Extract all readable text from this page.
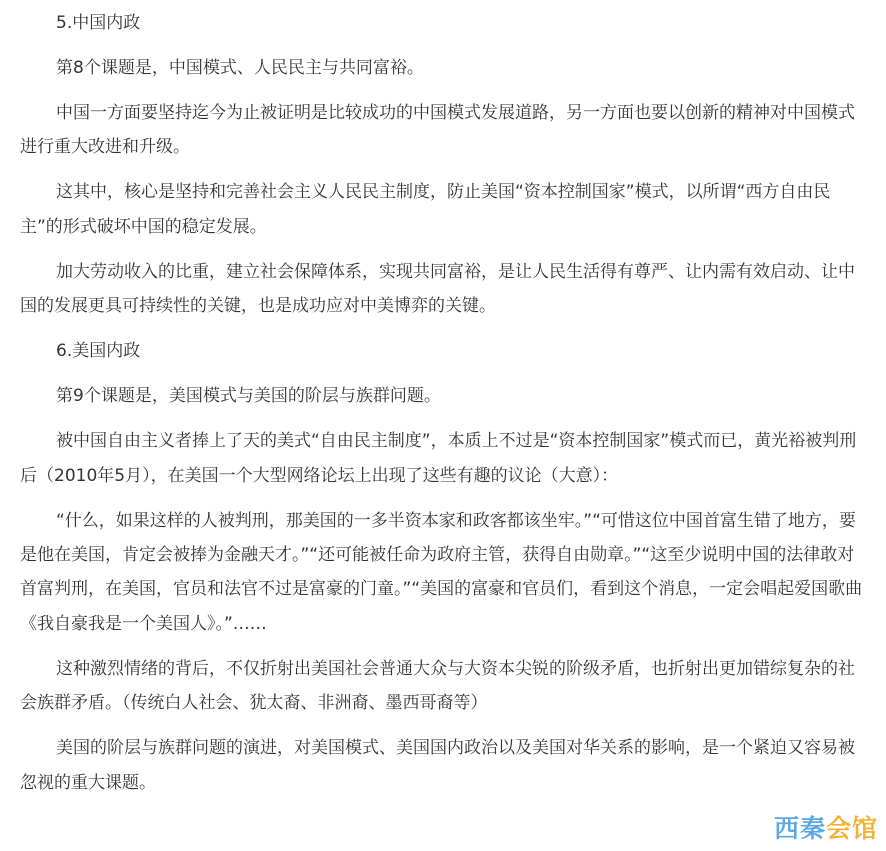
5.中国内政

第8个课题是，中国模式、人民民主与共同富裕。

中国一方面要坚持迄今为止被证明是比较成功的中国模式发展道路，另一方面也要以创新的精神对中国模式进行重大改进和升级。

这其中，核心是坚持和完善社会主义人民民主制度，防止美国“资本控制国家”模式，以所谓“西方自由民主”的形式破坏中国的稳定发展。

加大劳动收入的比重，建立社会保障体系，实现共同富裕，是让人民生活得有尊严、让内需有效启动、让中国的发展更具可持续性的关键，也是成功应对中美博弈的关键。

6.美国内政

第9个课题是，美国模式与美国的阶层与族群问题。

被中国自由主义者捧上了天的美式“自由民主制度”，本质上不过是“资本控制国家”模式而已，黄光裕被判刑后（2010年5月），在美国一个大型网络论坛上出现了这些有趣的议论（大意）：

“什么，如果这样的人被判刑，那美国的一多半资本家和政客都该坐牢。”“可惜这位中国首富生错了地方，要是他在美国，肯定会被捧为金融天才。”“还可能被任命为政府主管，获得自由勋章。”“这至少说明中国的法律敢对首富判刑，在美国，官员和法官不过是富豪的门童。”“美国的富豪和官员们，看到这个消息，一定会唱起爱国歌曲《我自豪我是一个美国人》。”……

这种激烈情绪的背后，不仅折射出美国社会普通大众与大资本尖锐的阶级矛盾，也折射出更加错综复杂的社会族群矛盾。（传统白人社会、犹太裔、非洲裔、墨西哥裔等）

美国的阶层与族群问题的演进，对美国模式、美国国内政治以及美国对华关系的影响，是一个紧迫又容易被忽视的重大课题。

西秦 会馆
